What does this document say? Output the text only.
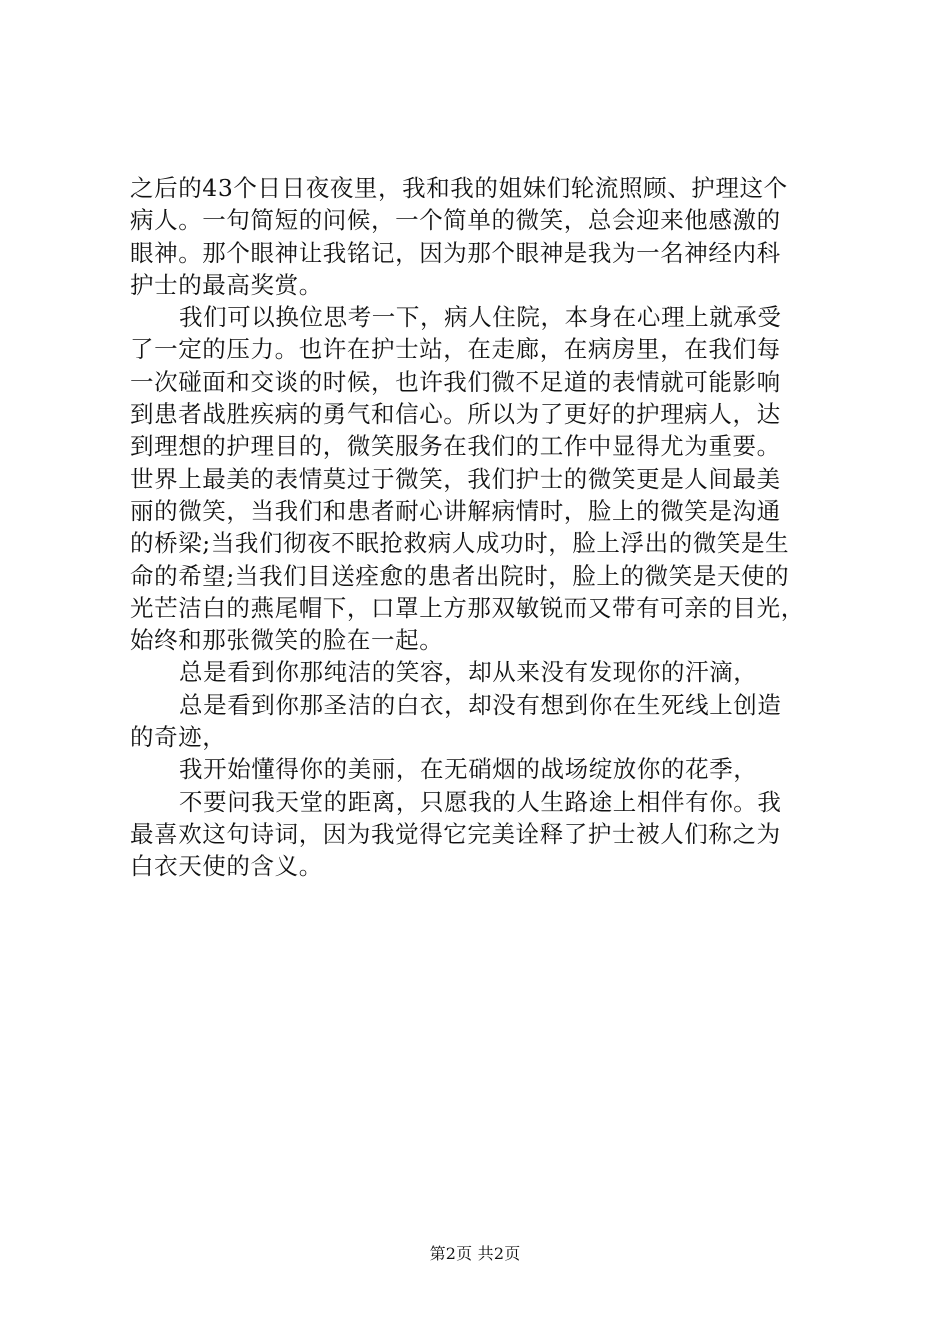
之后的43个日日夜夜里，我和我的姐妹们轮流照顾、护理这个
病人。一句简短的问候，一个简单的微笑，总会迎来他感激的
眼神。那个眼神让我铭记，因为那个眼神是我为一名神经内科
护士的最高奖赏。
我们可以换位思考一下，病人住院，本身在心理上就承受
了一定的压力。也许在护士站，在走廊，在病房里，在我们每
一次碰面和交谈的时候，也许我们微不足道的表情就可能影响
到患者战胜疾病的勇气和信心。所以为了更好的护理病人，达
到理想的护理目的，微笑服务在我们的工作中显得尤为重要。
世界上最美的表情莫过于微笑，我们护士的微笑更是人间最美
丽的微笑，当我们和患者耐心讲解病情时，脸上的微笑是沟通
的桥梁;当我们彻夜不眠抢救病人成功时，脸上浮出的微笑是生
命的希望;当我们目送痊愈的患者出院时，脸上的微笑是天使的
光芒洁白的燕尾帽下，口罩上方那双敏锐而又带有可亲的目光，
始终和那张微笑的脸在一起。
总是看到你那纯洁的笑容，却从来没有发现你的汗滴，
总是看到你那圣洁的白衣，却没有想到你在生死线上创造
的奇迹，
我开始懂得你的美丽，在无硝烟的战场绽放你的花季，
不要问我天堂的距离，只愿我的人生路途上相伴有你。我
最喜欢这句诗词，因为我觉得它完美诠释了护士被人们称之为
白衣天使的含义。
第2页 共2页
